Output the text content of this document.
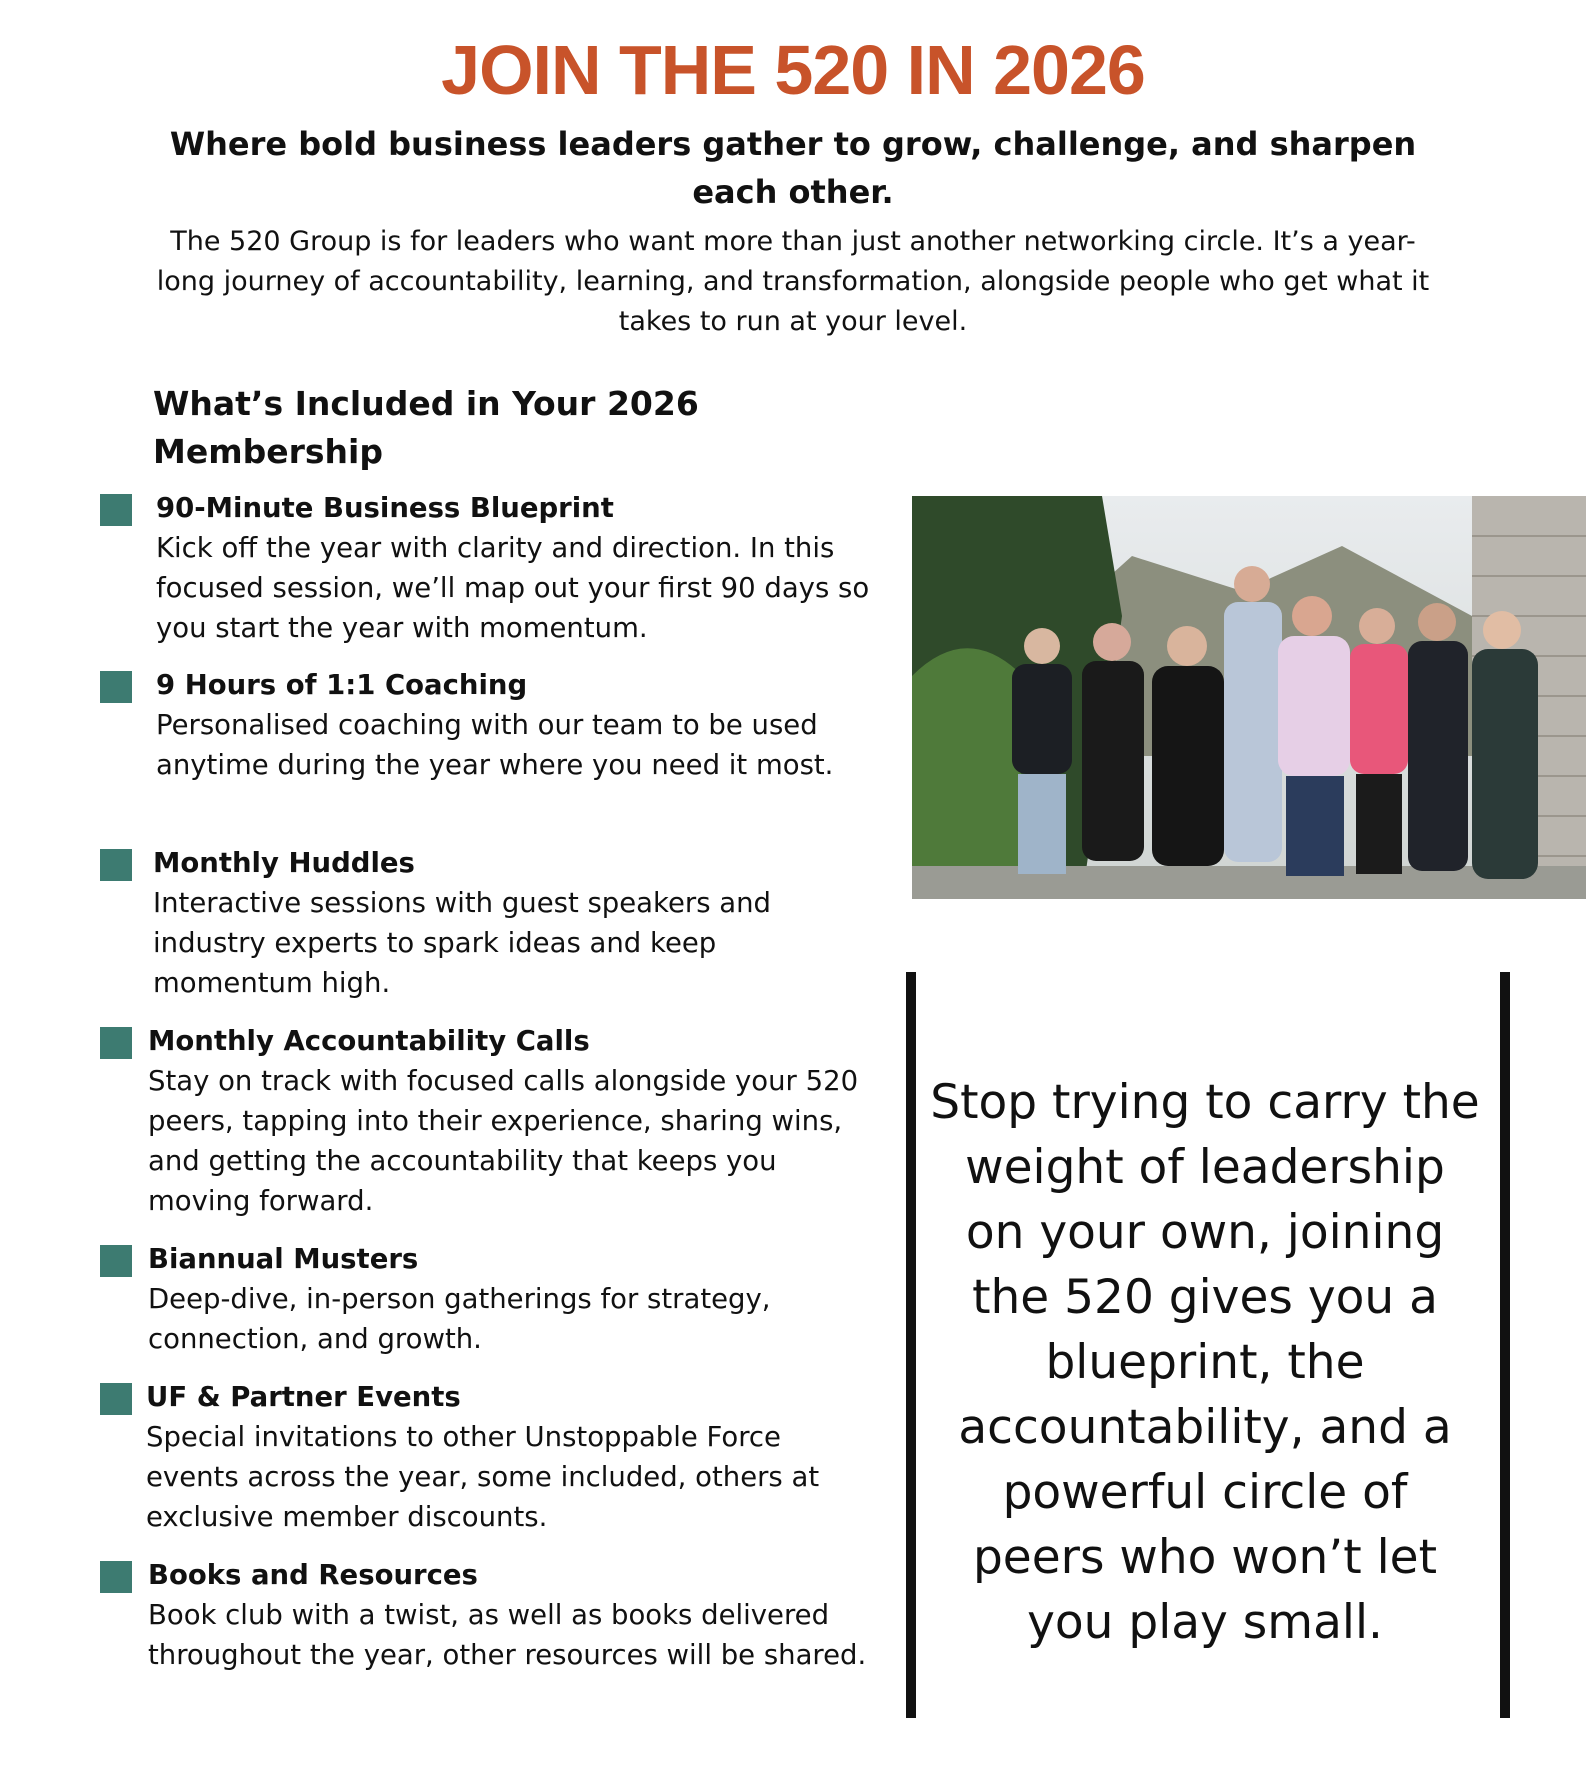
JOIN THE 520 IN 2026
Where bold business leaders gather to grow, challenge, and sharpen each other.
The 520 Group is for leaders who want more than just another networking circle. It’s a year-long journey of accountability, learning, and transformation, alongside people who get what it takes to run at your level.
What’s Included in Your 2026 Membership
90-Minute Business Blueprint
Kick off the year with clarity and direction. In this focused session, we’ll map out your first 90 days so you start the year with momentum.
9 Hours of 1:1 Coaching
Personalised coaching with our team to be used anytime during the year where you need it most.
Monthly Huddles
Interactive sessions with guest speakers and industry experts to spark ideas and keep momentum high.
Monthly Accountability Calls
Stay on track with focused calls alongside your 520 peers, tapping into their experience, sharing wins, and getting the accountability that keeps you moving forward.
Biannual Musters
Deep-dive, in-person gatherings for strategy, connection, and growth.
UF & Partner Events
Special invitations to other Unstoppable Force events across the year, some included, others at exclusive member discounts.
Books and Resources
Book club with a twist, as well as books delivered throughout the year, other resources will be shared.
Stop trying to carry the weight of leadership on your own, joining the 520 gives you a blueprint, the accountability, and a powerful circle of peers who won’t let you play small.
